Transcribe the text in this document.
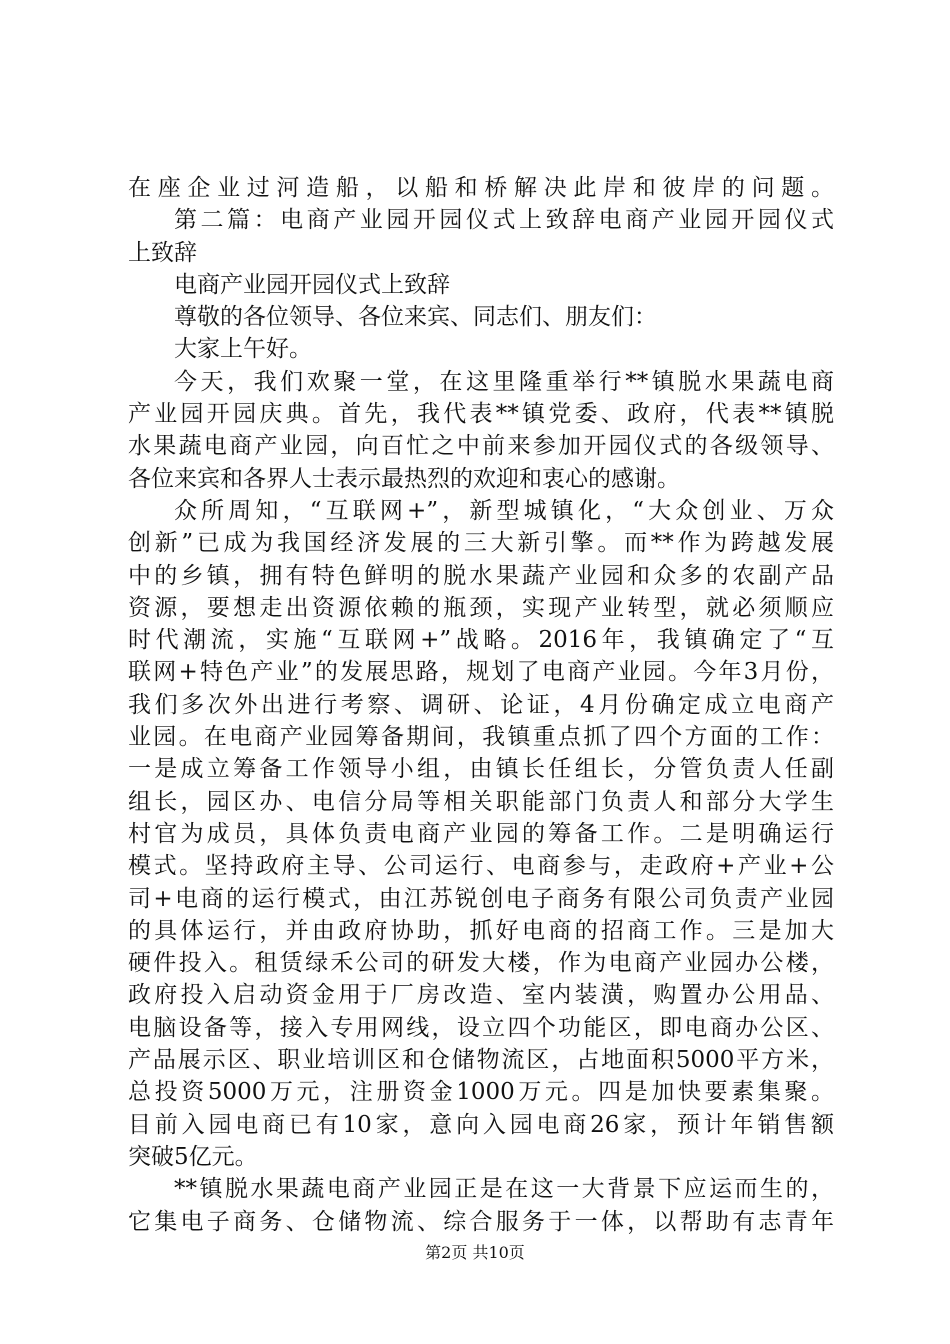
在座企业过河造船，以船和桥解决此岸和彼岸的问题。
第二篇：电商产业园开园仪式上致辞电商产业园开园仪式
上致辞
电商产业园开园仪式上致辞
尊敬的各位领导、各位来宾、同志们、朋友们：
大家上午好。
今天，我们欢聚一堂，在这里隆重举行**镇脱水果蔬电商
产业园开园庆典。首先，我代表**镇党委、政府，代表**镇脱
水果蔬电商产业园，向百忙之中前来参加开园仪式的各级领导、
各位来宾和各界人士表示最热烈的欢迎和衷心的感谢。
众所周知，“互联网+”，新型城镇化，“大众创业、万众
创新”已成为我国经济发展的三大新引擎。而**作为跨越发展
中的乡镇，拥有特色鲜明的脱水果蔬产业园和众多的农副产品
资源，要想走出资源依赖的瓶颈，实现产业转型，就必须顺应
时代潮流，实施“互联网+”战略。2016年，我镇确定了“互
联网+特色产业”的发展思路，规划了电商产业园。今年3月份，
我们多次外出进行考察、调研、论证，4月份确定成立电商产
业园。在电商产业园筹备期间，我镇重点抓了四个方面的工作：
一是成立筹备工作领导小组，由镇长任组长，分管负责人任副
组长，园区办、电信分局等相关职能部门负责人和部分大学生
村官为成员，具体负责电商产业园的筹备工作。二是明确运行
模式。坚持政府主导、公司运行、电商参与，走政府+产业+公
司+电商的运行模式，由江苏锐创电子商务有限公司负责产业园
的具体运行，并由政府协助，抓好电商的招商工作。三是加大
硬件投入。租赁绿禾公司的研发大楼，作为电商产业园办公楼，
政府投入启动资金用于厂房改造、室内装潢，购置办公用品、
电脑设备等，接入专用网线，设立四个功能区，即电商办公区、
产品展示区、职业培训区和仓储物流区，占地面积5000平方米，
总投资5000万元，注册资金1000万元。四是加快要素集聚。
目前入园电商已有10家，意向入园电商26家，预计年销售额
突破5亿元。
**镇脱水果蔬电商产业园正是在这一大背景下应运而生的，
它集电子商务、仓储物流、综合服务于一体，以帮助有志青年
第2页 共10页
